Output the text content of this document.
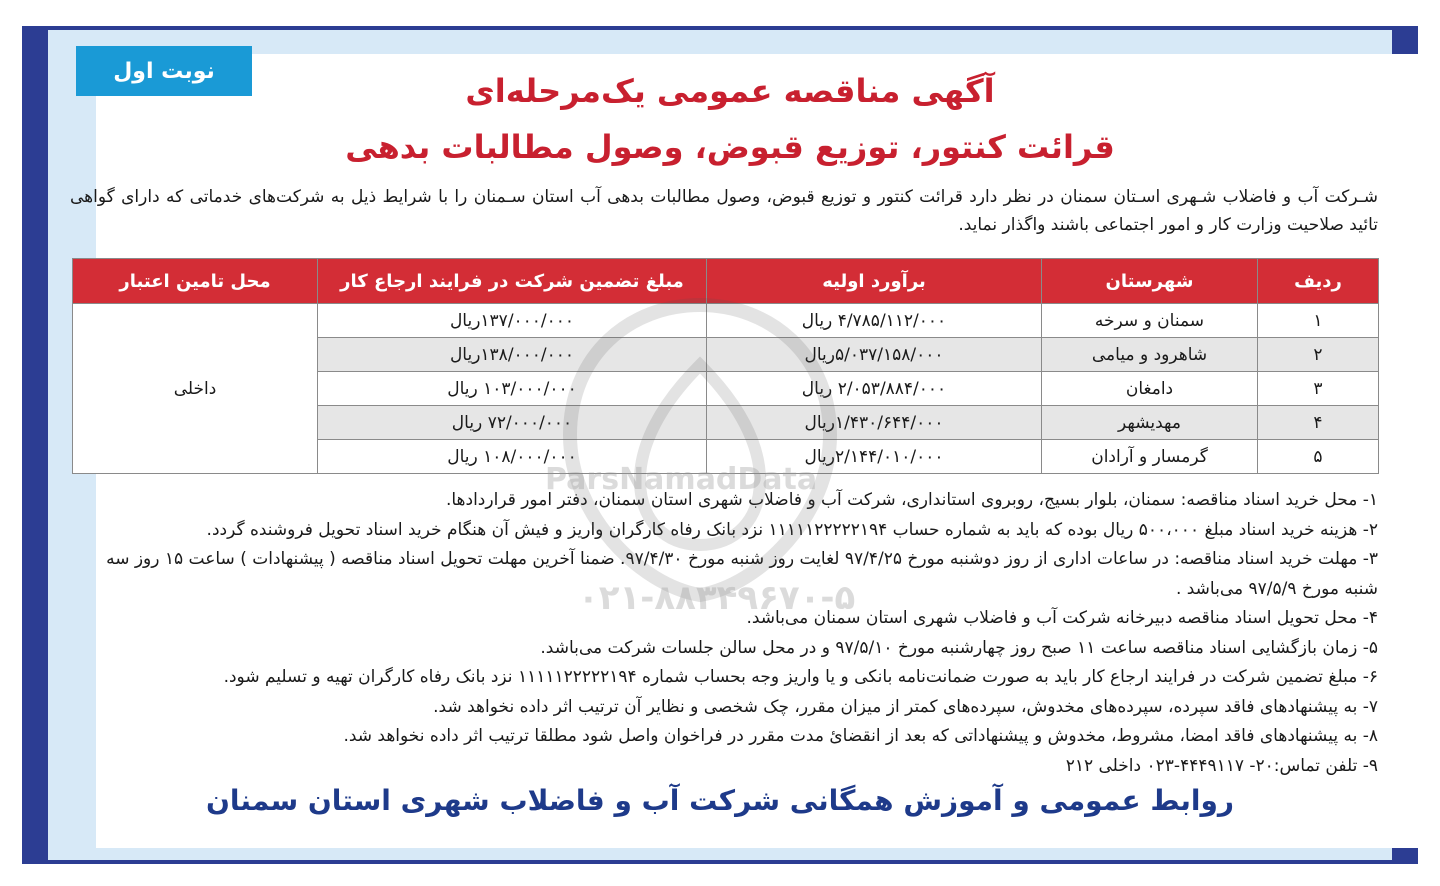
نوبت اول
آگهی مناقصه عمومی یک‌مرحله‌ای
قرائت کنتور، توزیع قبوض، وصول مطالبات بدهی
شـرکت آب و فاضلاب شـهری اسـتان سمنان در نظر دارد قرائت کنتور و توزیع قبوض، وصول مطالبات بدهی آب استان سـمنان را با شرایط ذیل به شرکت‌های خدماتی که دارای گواهی تائید صلاحیت وزارت کار و امور اجتماعی باشند واگذار نماید.
ردیف	شهرستان	برآورد اولیه	مبلغ تضمین شرکت در فرایند ارجاع کار	محل تامین اعتبار
۱	سمنان و سرخه	۴/۷۸۵/۱۱۲/۰۰۰ ریال	۱۳۷/۰۰۰/۰۰۰ریال	داخلی
۲	شاهرود و میامی	۵/۰۳۷/۱۵۸/۰۰۰ریال	۱۳۸/۰۰۰/۰۰۰ریال	
۳	دامغان	۲/۰۵۳/۸۸۴/۰۰۰ ریال	۱۰۳/۰۰۰/۰۰۰ ریال	
۴	مهدیشهر	۱/۴۳۰/۶۴۴/۰۰۰ریال	۷۲/۰۰۰/۰۰۰ ریال	
۵	گرمسار و آرادان	۲/۱۴۴/۰۱۰/۰۰۰ریال	۱۰۸/۰۰۰/۰۰۰ ریال	
۱- محل خرید اسناد مناقصه: سمنان، بلوار بسیج، روبروی استانداری، شرکت آب و فاضلاب شهری استان سمنان، دفتر امور قراردادها.
۲- هزینه خرید اسناد مبلغ ۵۰۰،۰۰۰ ریال بوده که باید به شماره حساب ۱۱۱۱۱۲۲۲۲۲۱۹۴ نزد بانک رفاه کارگران واریز و فیش آن هنگام خرید اسناد تحویل فروشنده گردد.
۳- مهلت خرید اسناد مناقصه: در ساعات اداری از روز دوشنبه مورخ ۹۷/۴/۲۵ لغایت روز شنبه مورخ ۹۷/۴/۳۰. ضمنا آخرین مهلت تحویل اسناد مناقصه ( پیشنهادات ) ساعت ۱۵ روز سه شنبه مورخ ۹۷/۵/۹ می‌باشد .
۴- محل تحویل اسناد مناقصه دبیرخانه شرکت آب و فاضلاب شهری استان سمنان می‌باشد.
۵- زمان بازگشایی اسناد مناقصه ساعت ۱۱ صبح روز چهارشنبه مورخ ۹۷/۵/۱۰ و در محل سالن جلسات شرکت می‌باشد.
۶- مبلغ تضمین شرکت در فرایند ارجاع کار باید به صورت ضمانت‌نامه بانکی و یا واریز وجه بحساب شماره ۱۱۱۱۱۲۲۲۲۲۱۹۴ نزد بانک رفاه کارگران تهیه و تسلیم شود.
۷- به پیشنهادهای فاقد سپرده، سپرده‌های مخدوش، سپرده‌های کمتر از میزان مقرر، چک شخصی و نظایر آن ترتیب اثر داده نخواهد شد.
۸- به پیشنهادهای فاقد امضا، مشروط، مخدوش و پیشنهاداتی که بعد از انقضائ مدت مقرر در فراخوان واصل شود مطلقا ترتیب اثر داده نخواهد شد.
۹- تلفن تماس:۲۰- ۴۴۴۹۱۱۷-۰۲۳ داخلی ۲۱۲
ParsNamadData
۰۲۱-۸۸۳۴۹۶۷۰-۵
روابط عمومی و آموزش همگانی شرکت آب و فاضلاب شهری استان سمنان
